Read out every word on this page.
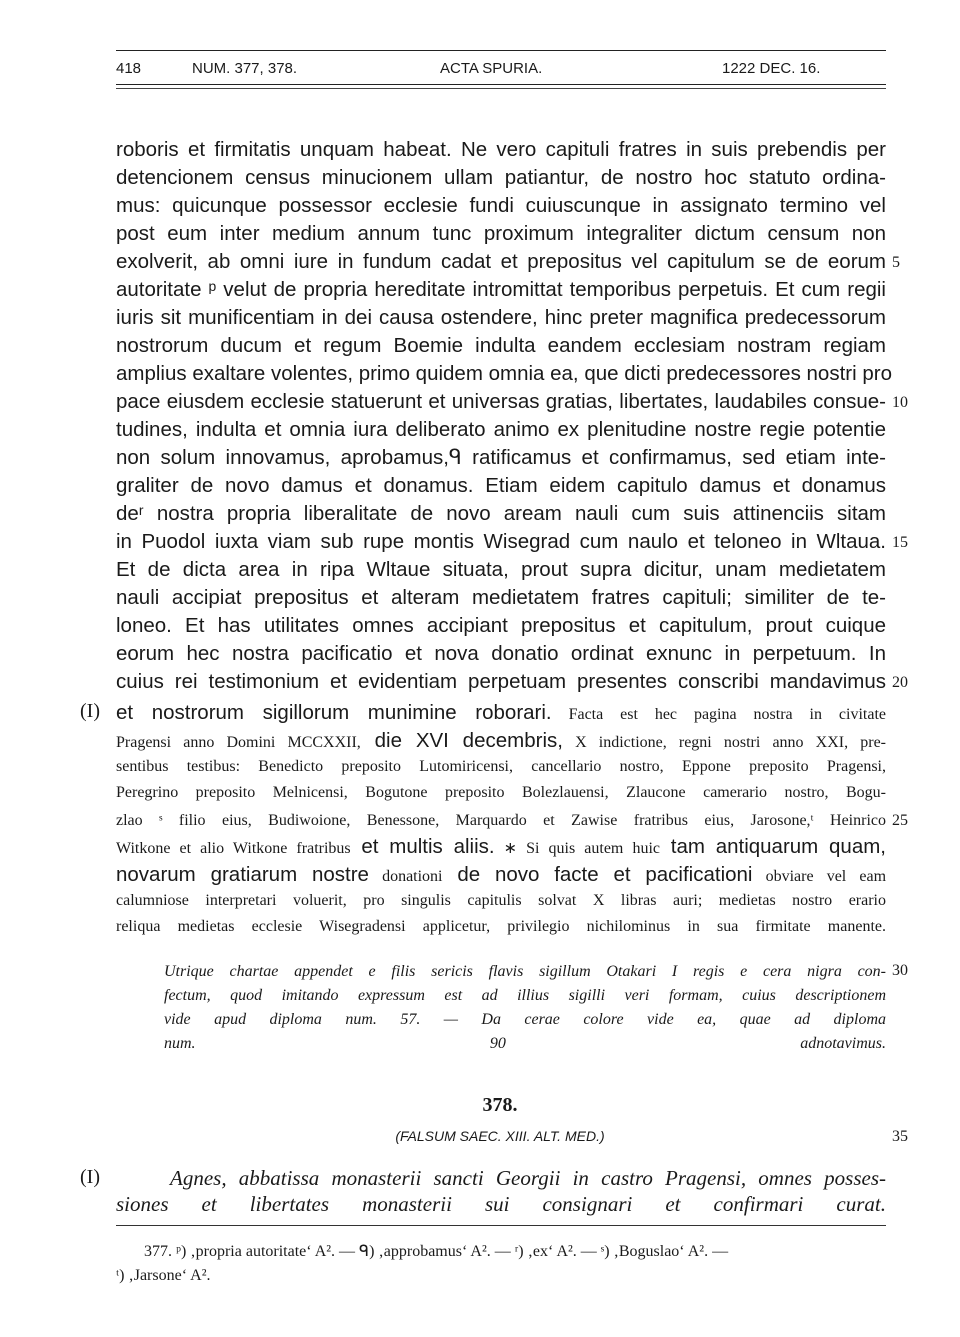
418	NUM. 377, 378.	ACTA SPURIA.	1222 DEC. 16.
roboris et firmitatis unquam habeat. Ne vero capituli fratres in suis prebendis per
detencionem census minucionem ullam patiantur, de nostro hoc statuto ordina-
mus: quicunque possessor ecclesie fundi cuiuscunque in assignato termino vel
post eum inter medium annum tunc proximum integraliter dictum censum non
exolverit, ab omni iure in fundum cadat et prepositus vel capitulum se de eorum
autoritate ᵖ velut de propria hereditate intromittat temporibus perpetuis. Et cum regii
iuris sit munificentiam in dei causa ostendere, hinc preter magnifica predecessorum
nostrorum ducum et regum Boemie indulta eandem ecclesiam nostram regiam
amplius exaltare volentes, primo quidem omnia ea, que dicti predecessores nostri pro
pace eiusdem ecclesie statuerunt et universas gratias, libertates, laudabiles consue-
tudines, indulta et omnia iura deliberato animo ex plenitudine nostre regie potentie
non solum innovamus, aprobamus,ᑫ ratificamus et confirmamus, sed etiam inte-
graliter de novo damus et donamus. Etiam eidem capitulo damus et donamus
deʳ nostra propria liberalitate de novo aream nauli cum suis attinenciis sitam
in Puodol iuxta viam sub rupe montis Wisegrad cum naulo et teloneo in Wltaua.
Et de dicta area in ripa Wltaue situata, prout supra dicitur, unam medietatem
nauli accipiat prepositus et alteram medietatem fratres capituli; similiter de te-
loneo. Et has utilitates omnes accipiant prepositus et capitulum, prout cuique
eorum hec nostra pacificatio et nova donatio ordinat exnunc in perpetuum. In
cuius rei testimonium et evidentiam perpetuam presentes conscribi mandavimus
(I) et nostrorum sigillorum munimine roborari. Facta est hec pagina nostra in civitate
Pragensi anno Domini MCCXXII, die XVI decembris, X indictione, regni nostri anno XXI, pre-
sentibus testibus: Benedicto preposito Lutomiricensi, cancellario nostro, Eppone preposito Pragensi,
Peregrino preposito Melnicensi, Bogutone preposito Bolezlauensi, Zlaucone camerario nostro, Bogu-
zlao ˢ filio eius, Budiwoione, Benessone, Marquardo et Zawise fratribus eius, Jarosone,ᵗ Heinrico
Witkone et alio Witkone fratribus et multis aliis. ∗ Si quis autem huic tam antiquarum quam,
novarum gratiarum nostre donationi de novo facte et pacificationi obviare vel eam
calumniose interpretari voluerit, pro singulis capitulis solvat X libras auri; medietas nostro erario
reliqua medietas ecclesie Wisegradensi applicetur, privilegio nichilominus in sua firmitate manente.
5
10
15
20
25
30
35
Utrique chartae appendet e filis sericis flavis sigillum Otakari I regis e cera nigra con-
fectum, quod imitando expressum est ad illius sigilli veri formam, cuius descriptionem
vide apud diploma num. 57. — Da cerae colore vide ea, quae ad diploma
num. 90 adnotavimus.
378.
(FALSUM SAEC. XIII. ALT. MED.)
(I)	Agnes, abbatissa monasterii sancti Georgii in castro Pragensi, omnes posses-
siones et libertates monasterii sui consignari et confirmari curat.
377. ᵖ) ‚propria autoritate‘ A². — ᑫ) ‚approbamus‘ A². — ʳ) ‚ex‘ A². — ˢ) ‚Boguslao‘ A². —
ᵗ) ‚Jarsone‘ A².
